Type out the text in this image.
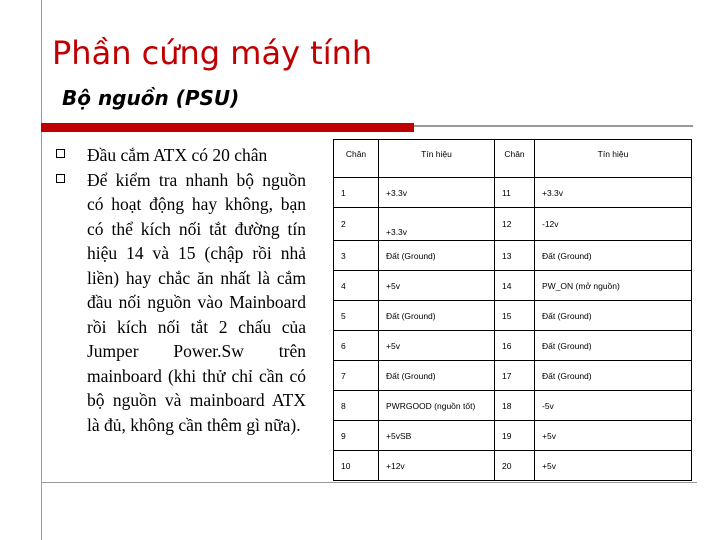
Phần cứng máy tính
Bộ nguồn (PSU)
Đầu cắm ATX có 20 chân
Để kiểm tra nhanh bộ nguồn có hoạt động hay không, bạn có thể kích nối tắt đường tín hiệu 14 và 15 (chập rồi nhả liền) hay chắc ăn nhất là cắm đầu nối nguồn vào Mainboard rồi kích nối tắt 2 chấu của Jumper Power.Sw trên mainboard (khi thử chỉ cần có bộ nguồn và mainboard ATX là đủ, không cần thêm gì nữa).
Chân	Tín hiệu	Chân	Tín hiệu
1	+3.3v	11	+3.3v
2	+3.3v	12	-12v
3	Đất (Ground)	13	Đất (Ground)
4	+5v	14	PW_ON (mở nguồn)
5	Đất (Ground)	15	Đất (Ground)
6	+5v	16	Đất (Ground)
7	Đất (Ground)	17	Đất (Ground)
8	PWRGOOD (nguồn tốt)	18	-5v
9	+5vSB	19	+5v
10	+12v	20	+5v
